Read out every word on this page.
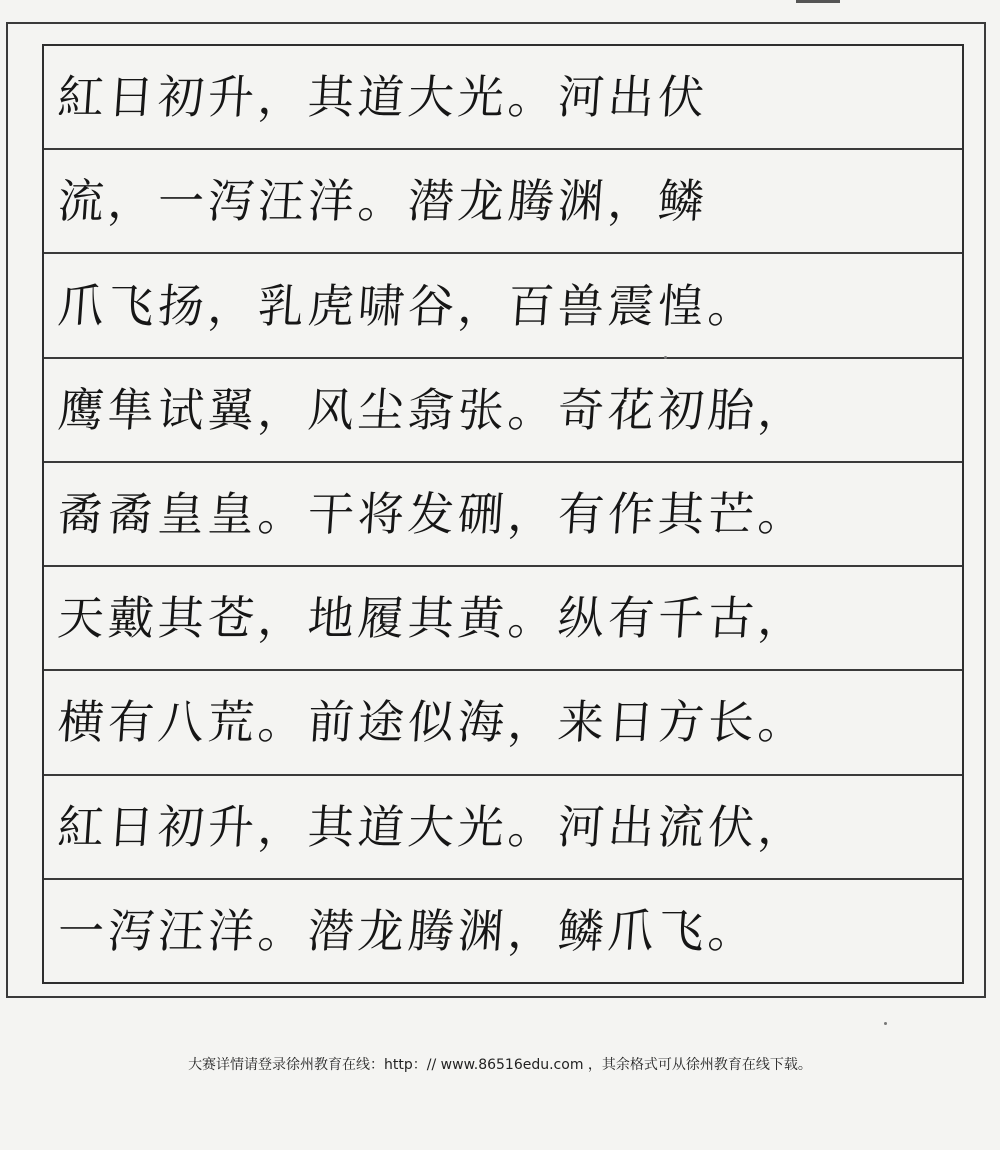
紅日初升，其道大光。河出伏
流，一泻汪洋。潜龙腾渊，鳞
爪飞扬，乳虎啸谷，百兽震惶。
鹰隼试翼，风尘翕张。奇花初胎，
矞矞皇皇。干将发硎，有作其芒。
天戴其苍，地履其黄。纵有千古，
横有八荒。前途似海，来日方长。
紅日初升，其道大光。河出流伏，
一泻汪洋。潜龙腾渊，鳞爪飞。
大赛详情请登录徐州教育在线：http：// www.86516edu.com ，其余格式可从徐州教育在线下载。
